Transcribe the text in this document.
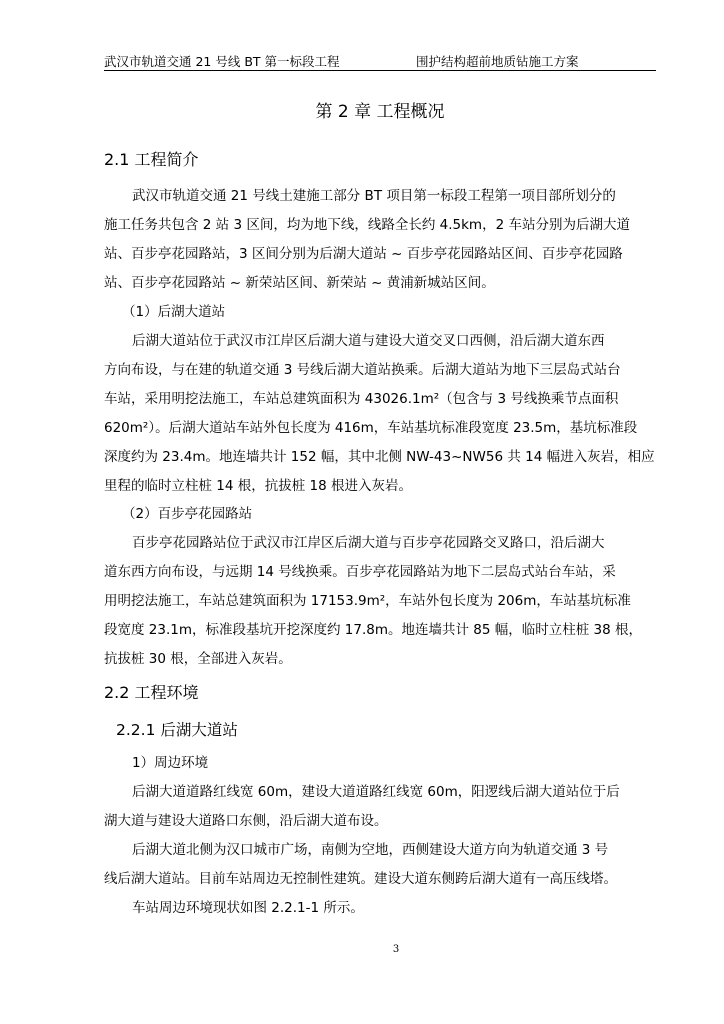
武汉市轨道交通 21 号线 BT 第一标段工程	围护结构超前地质钻施工方案
第 2 章 工程概况
2.1 工程简介
武汉市轨道交通 21 号线土建施工部分 BT 项目第一标段工程第一项目部所划分的
施工任务共包含 2 站 3 区间，均为地下线，线路全长约 4.5km，2 车站分别为后湖大道
站、百步亭花园路站，3 区间分别为后湖大道站 ~ 百步亭花园路站区间、百步亭花园路
站、百步亭花园路站 ~ 新荣站区间、新荣站 ~ 黄浦新城站区间。
（1）后湖大道站
后湖大道站位于武汉市江岸区后湖大道与建设大道交叉口西侧，沿后湖大道东西
方向布设，与在建的轨道交通 3 号线后湖大道站换乘。后湖大道站为地下三层岛式站台
车站，采用明挖法施工，车站总建筑面积为 43026.1m²（包含与 3 号线换乘节点面积
620m²）。后湖大道站车站外包长度为 416m，车站基坑标准段宽度 23.5m，基坑标准段
深度约为 23.4m。地连墙共计 152 幅，其中北侧 NW-43~NW56 共 14 幅进入灰岩，相应
里程的临时立柱桩 14 根，抗拔桩 18 根进入灰岩。
（2）百步亭花园路站
百步亭花园路站位于武汉市江岸区后湖大道与百步亭花园路交叉路口，沿后湖大
道东西方向布设，与远期 14 号线换乘。百步亭花园路站为地下二层岛式站台车站，采
用明挖法施工，车站总建筑面积为 17153.9m²，车站外包长度为 206m，车站基坑标准
段宽度 23.1m，标准段基坑开挖深度约 17.8m。地连墙共计 85 幅，临时立柱桩 38 根，
抗拔桩 30 根，全部进入灰岩。
2.2 工程环境
2.2.1 后湖大道站
1）周边环境
后湖大道道路红线宽 60m，建设大道道路红线宽 60m，阳逻线后湖大道站位于后
湖大道与建设大道路口东侧，沿后湖大道布设。
后湖大道北侧为汉口城市广场，南侧为空地，西侧建设大道方向为轨道交通 3 号
线后湖大道站。目前车站周边无控制性建筑。建设大道东侧跨后湖大道有一高压线塔。
车站周边环境现状如图 2.2.1-1 所示。
3
